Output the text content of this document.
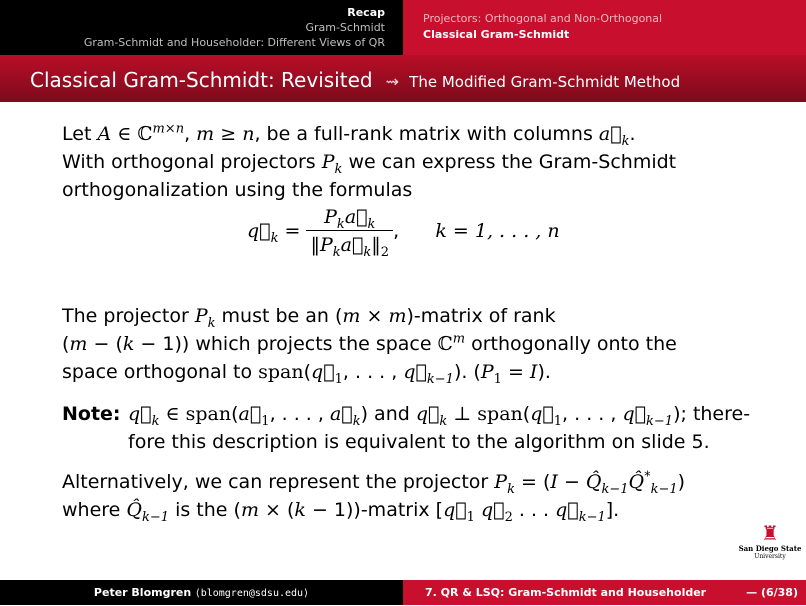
Recap
Gram-Schmidt
Gram-Schmidt and Householder: Different Views of QR
Projectors: Orthogonal and Non-Orthogonal
Classical Gram-Schmidt
Classical Gram-Schmidt: Revisited ⇝ The Modified Gram-Schmidt Method

Let A ∈ ℂ$^{m\times n}$, m ≥ n, be a full-rank matrix with columns $a⃗_k$.
With orthogonal projectors $P_k$ we can express the Gram-Schmidt
orthogonalization using the formulas

$q⃗_k = \frac{P_ka⃗_k}{‖P_ka⃗_k‖_2}$ ,      k = 1, . . . , n

The projector $P_k$ must be an (m × m)-matrix of rank
(m − (k − 1)) which projects the space ℂ$^m$ orthogonally onto the
space orthogonal to $span(q⃗_1$, . . . , $q⃗_{k-1}$). $(P_1 = I)$.

Note: $q⃗_k$ ∈ $span(a⃗_1$, . . . , $a⃗_k$) and $q⃗_k$ ⊥ $span(q⃗_1$, . . . , $q⃗_{k-1}$); there-
fore this description is equivalent to the algorithm on slide 5.

Alternatively, we can represent the projector $P_k = (I$ − $Q̂_{k-1}Q̂^*_{k-1}$)
where $Q̂_{k-1}$ is the (m × (k − 1))-matrix [$q⃗_1$ $q⃗_2$ . . . $q⃗_{k-1}$].

♜
San Diego State
University
Peter Blomgren ⟨blomgren@sdsu.edu⟩	7. QR & LSQ: Gram-Schmidt and Householder	— (6/38)
